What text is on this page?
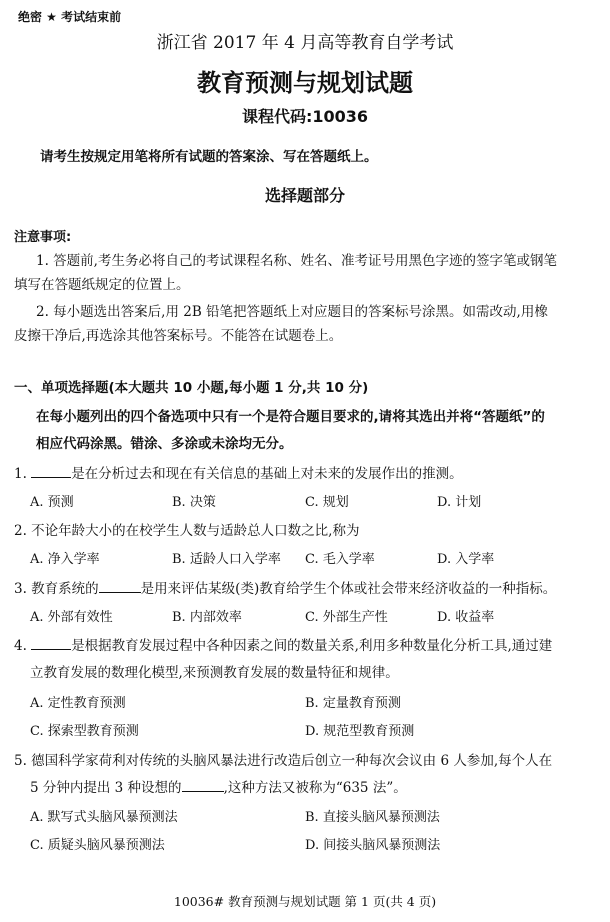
绝密 ★ 考试结束前
浙江省 2017 年 4 月高等教育自学考试
教育预测与规划试题
课程代码:10036
请考生按规定用笔将所有试题的答案涂、写在答题纸上。
选择题部分
注意事项:
1. 答题前,考生务必将自己的考试课程名称、姓名、准考证号用黑色字迹的签字笔或钢笔
填写在答题纸规定的位置上。
2. 每小题选出答案后,用 2B 铅笔把答题纸上对应题目的答案标号涂黑。如需改动,用橡
皮擦干净后,再选涂其他答案标号。不能答在试题卷上。
一、单项选择题(本大题共 10 小题,每小题 1 分,共 10 分)
在每小题列出的四个备选项中只有一个是符合题目要求的,请将其选出并将“答题纸”的
相应代码涂黑。错涂、多涂或未涂均无分。
1.	是在分析过去和现在有关信息的基础上对未来的发展作出的推测。
A. 预测	B. 决策	C. 规划	D. 计划
2. 不论年龄大小的在校学生人数与适龄总人口数之比,称为
A. 净入学率	B. 适龄人口入学率 C. 毛入学率	D. 入学率
3. 教育系统的	是用来评估某级(类)教育给学生个体或社会带来经济收益的一种指标。
A. 外部有效性	B. 内部效率	C. 外部生产性	D. 收益率
4.	是根据教育发展过程中各种因素之间的数量关系,利用多种数量化分析工具,通过建
立教育发展的数理化模型,来预测教育发展的数量特征和规律。
A. 定性教育预测	B. 定量教育预测
C. 探索型教育预测	D. 规范型教育预测
5. 德国科学家荷利对传统的头脑风暴法进行改造后创立一种每次会议由 6 人参加,每个人在
5 分钟内提出 3 种设想的	,这种方法又被称为“635 法”。
A. 默写式头脑风暴预测法	B. 直接头脑风暴预测法
C. 质疑头脑风暴预测法	D. 间接头脑风暴预测法
10036# 教育预测与规划试题 第 1 页(共 4 页)
